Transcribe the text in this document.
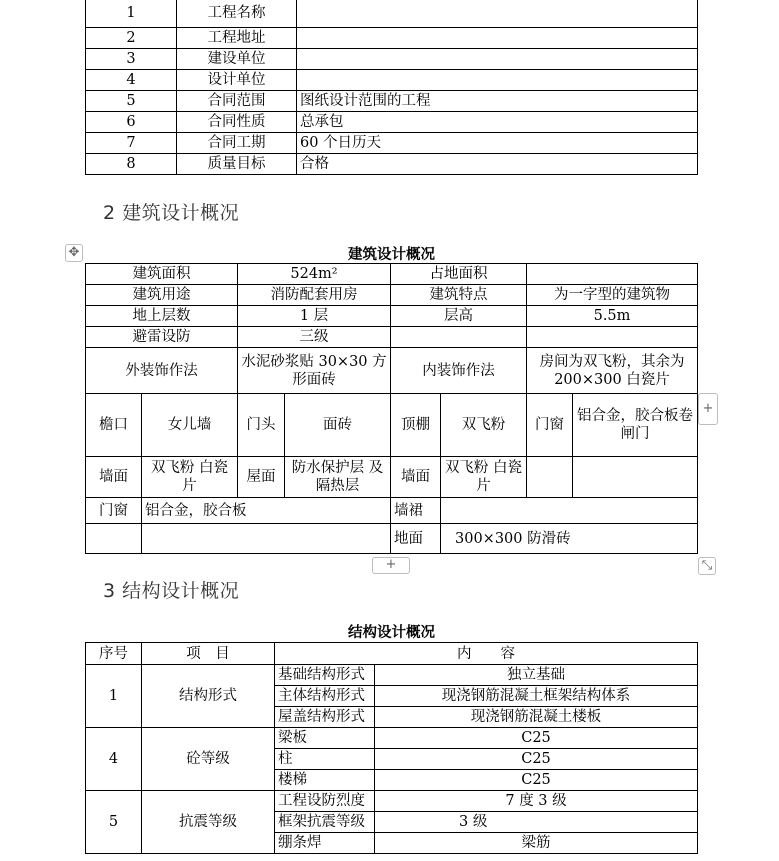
1	工程名称	
2	工程地址	
3	建设单位	
4	设计单位	
5	合同范围	图纸设计范围的工程
6	合同性质	总承包
7	合同工期	60 个日历天
8	质量目标	合格
2 建筑设计概况
✥	建筑设计概况
建筑面积		524m²		占地面积			
建筑用途		消防配套用房		建筑特点		为一字型的建筑物	
地上层数		1 层		层高		5.5m	
避雷设防		三级					
外装饰作法		水泥砂浆贴 30×30 方形面砖		内装饰作法		房间为双飞粉，其余为 200×300 白瓷片	
檐口	女儿墙	门头	面砖	顶棚	双飞粉	门窗	铝合金，胶合板卷闸门
墙面	双飞粉 白瓷片	屋面	防水保护层 及隔热层	墙面	双飞粉 白瓷片		
门窗	铝合金，胶合板			墙裙			
				地面	300×300 防滑砖		
+
+	⤡
3 结构设计概况
结构设计概况
序号	项　目	内　　容	
1	结构形式	基础结构形式	独立基础
		主体结构形式	现浇钢筋混凝土框架结构体系
		屋盖结构形式	现浇钢筋混凝土楼板
4	砼等级	梁板	C25
		柱	C25
		楼梯	C25
5	抗震等级	工程设防烈度	7 度 3 级
		框架抗震等级	3 级
		绷条焊	梁筋
